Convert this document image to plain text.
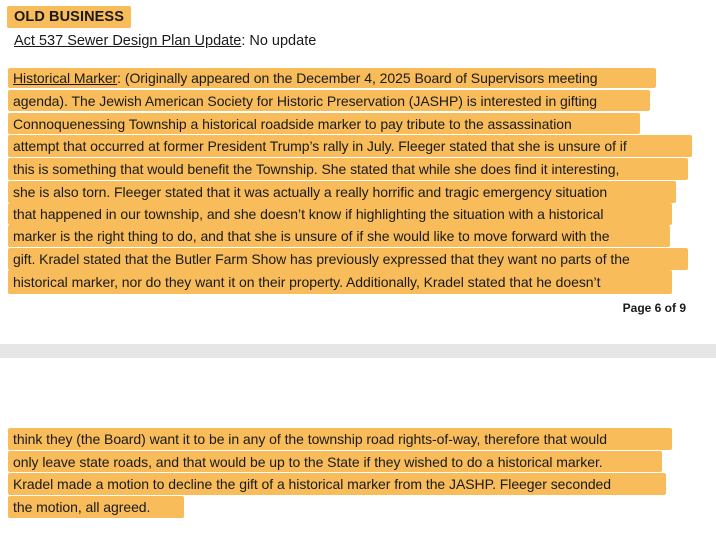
OLD BUSINESS
Act 537 Sewer Design Plan Update: No update
Historical Marker: (Originally appeared on the December 4, 2025 Board of Supervisors meeting
agenda). The Jewish American Society for Historic Preservation (JASHP) is interested in gifting
Connoquenessing Township a historical roadside marker to pay tribute to the assassination
attempt that occurred at former President Trump’s rally in July. Fleeger stated that she is unsure of if
this is something that would benefit the Township. She stated that while she does find it interesting,
she is also torn. Fleeger stated that it was actually a really horrific and tragic emergency situation
that happened in our township, and she doesn’t know if highlighting the situation with a historical
marker is the right thing to do, and that she is unsure of if she would like to move forward with the
gift. Kradel stated that the Butler Farm Show has previously expressed that they want no parts of the
historical marker, nor do they want it on their property. Additionally, Kradel stated that he doesn’t
Page 6 of 9
think they (the Board) want it to be in any of the township road rights-of-way, therefore that would
only leave state roads, and that would be up to the State if they wished to do a historical marker.
Kradel made a motion to decline the gift of a historical marker from the JASHP. Fleeger seconded
the motion, all agreed.
